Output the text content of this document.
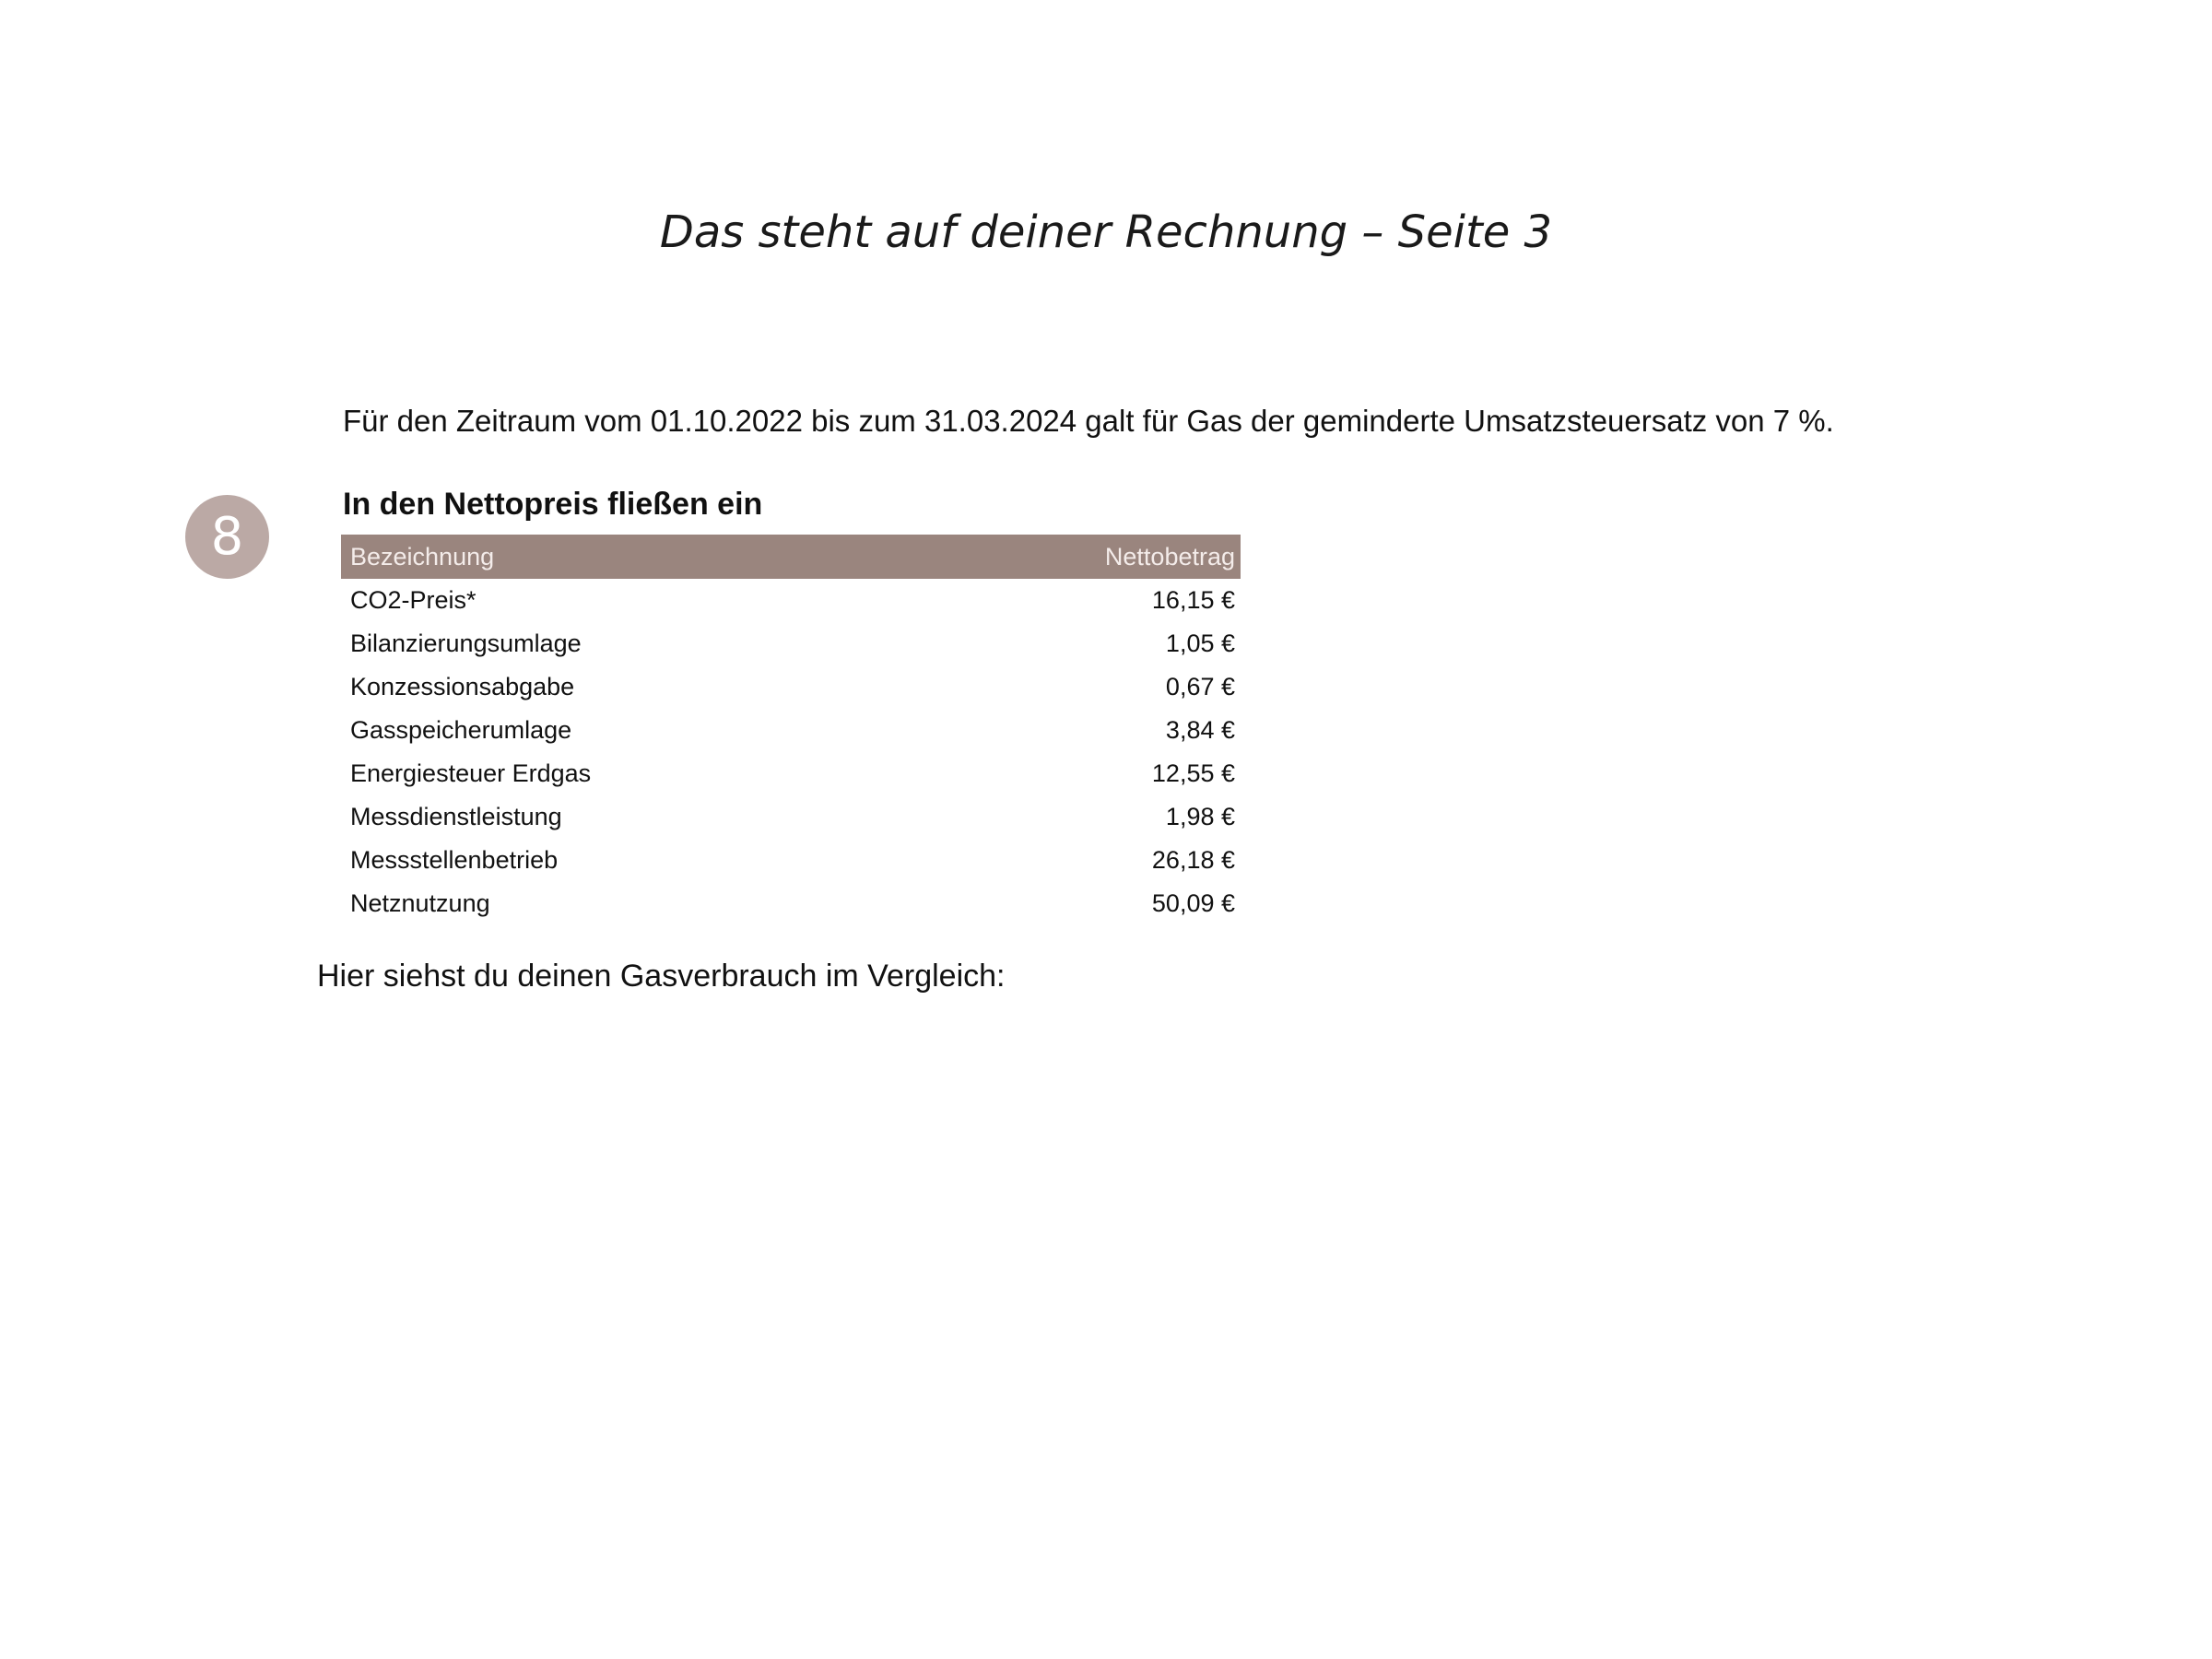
Das steht auf deiner Rechnung – Seite 3
Für den Zeitraum vom 01.10.2022 bis zum 31.03.2024 galt für Gas der geminderte Umsatzsteuersatz von 7 %.
8
In den Nettopreis fließen ein
Bezeichnung	Nettobetrag
CO2-Preis*	16,15 €
Bilanzierungsumlage	1,05 €
Konzessionsabgabe	0,67 €
Gasspeicherumlage	3,84 €
Energiesteuer Erdgas	12,55 €
Messdienstleistung	1,98 €
Messstellenbetrieb	26,18 €
Netznutzung	50,09 €
Hier siehst du deinen Gasverbrauch im Vergleich:
